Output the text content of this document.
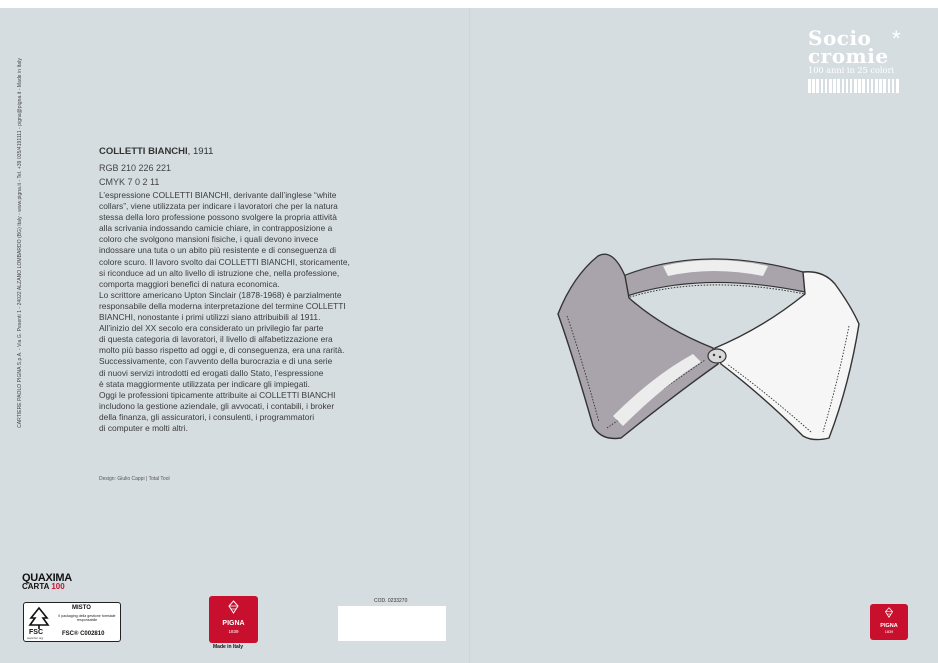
CARTIERE PAOLO PIGNA S.p.A. - Via G. Pesenti 1 - 24022 ALZANO LOMBARDO (BG) Italy - www.pigna.it - Tel. +39 035/4191111 - pigna@pigna.it - Made in Italy	COLLETTI BIANCHI, 1911
RGB 210 226 221
CMYK 7 0 2 11

L’espressione COLLETTI BIANCHI, derivante dall’inglese “white

collars”, viene utilizzata per indicare i lavoratori che per la natura

stessa della loro professione possono svolgere la propria attività

alla scrivania indossando camicie chiare, in contrapposizione a

coloro che svolgono mansioni fisiche, i quali devono invece

indossare una tuta o un abito più resistente e di conseguenza di

colore scuro. Il lavoro svolto dai COLLETTI BIANCHI, storicamente,

si riconduce ad un alto livello di istruzione che, nella professione,

comporta maggiori benefici di natura economica.

Lo scrittore americano Upton Sinclair (1878-1968) è parzialmente

responsabile della moderna interpretazione del termine COLLETTI

BIANCHI, nonostante i primi utilizzi siano attribuibili al 1911.

All’inizio del XX secolo era considerato un privilegio far parte

di questa categoria di lavoratori, il livello di alfabetizzazione era

molto più basso rispetto ad oggi e, di conseguenza, era una rarità.

Successivamente, con l’avvento della burocrazia e di una serie

di nuovi servizi introdotti ed erogati dallo Stato, l’espressione

è stata maggiormente utilizzata per indicare gli impiegati.

Oggi le professioni tipicamente attribuite ai COLLETTI BIANCHI

includono la gestione aziendale, gli avvocati, i contabili, i broker

della finanza, gli assicuratori, i consulenti, i programmatori

di computer e molti altri.

Design: Giulio Cappi | Total Tool
Socio *
cromie
100 anni in 25 colori
QUAXIMA
CARTA 100
FSC
www.fsc.org
MISTO
Il packaging della gestione forestale responsabile
FSC® C002810
PIGNA
1839
Made in Italy
COD. 0233270
PIGNA
1839
